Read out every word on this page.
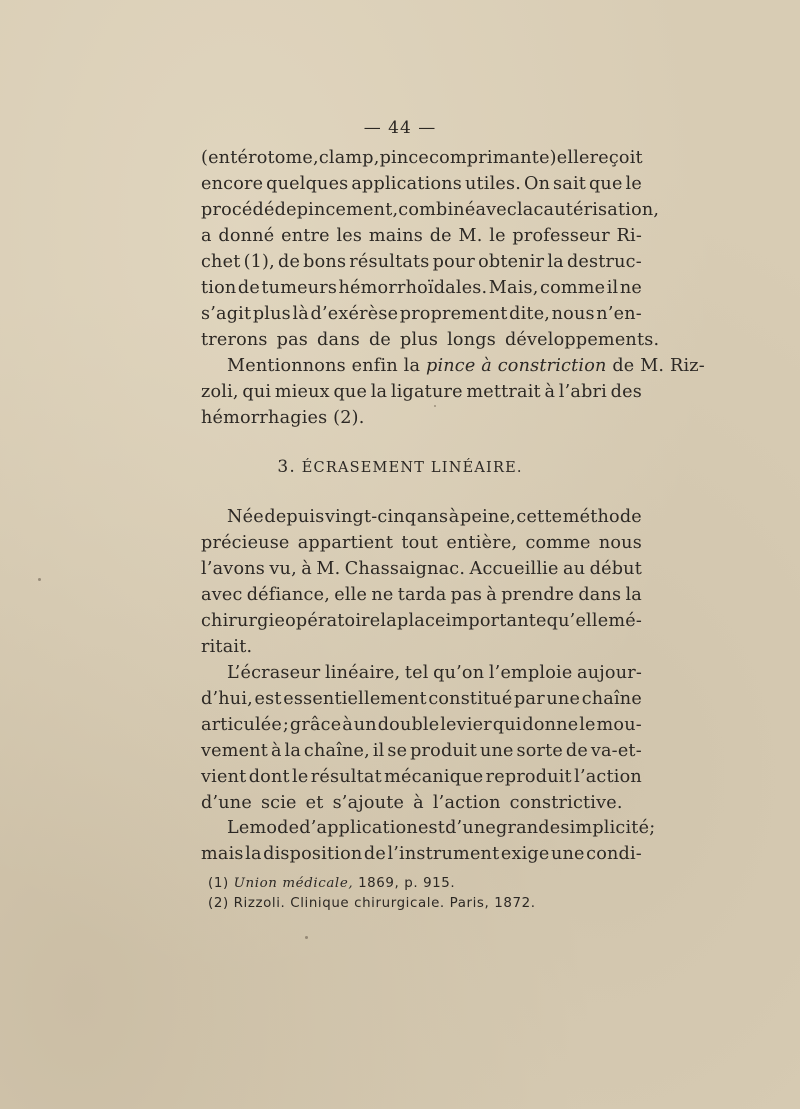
— 44 —
(entérotome, clamp, pince comprimante) elle reçoit
encore quelques applications utiles. On sait que le
procédé de pincement, combiné avec la cautérisation,
a donné entre les mains de M. le professeur Ri-
chet (1), de bons résultats pour obtenir la destruc-
tion de tumeurs hémorrhoïdales. Mais, comme il ne
s’agit plus là d’exérèse proprement dite, nous n’en-
trerons pas dans de plus longs développements.
Mentionnons enfin la
pince à constriction
de M. Riz-
zoli, qui mieux que la ligature mettrait à l’abri des
hémorrhagies (2).
3. ÉCRASEMENT LINÉAIRE.
Née depuis vingt-cinq ans à peine, cette méthode
précieuse appartient tout entière, comme nous
l’avons vu, à M. Chassaignac. Accueillie au début
avec défiance, elle ne tarda pas à prendre dans la
chirurgie opératoire la place importante qu’elle mé-
ritait.
L’écraseur linéaire, tel qu’on l’emploie aujour-
d’hui, est essentiellement constitué par une chaîne
articulée ; grâce à un double levier qui donne le mou-
vement à la chaîne, il se produit une sorte de va-et-
vient dont le résultat mécanique reproduit l’action
d’une scie et s’ajoute à l’action constrictive.
Le mode d’application est d’une grande simplicité;
mais la disposition de l’instrument exige une condi-
(1) Union médicale, 1869, p. 915.
(2) Rizzoli. Clinique chirurgicale. Paris, 1872.
